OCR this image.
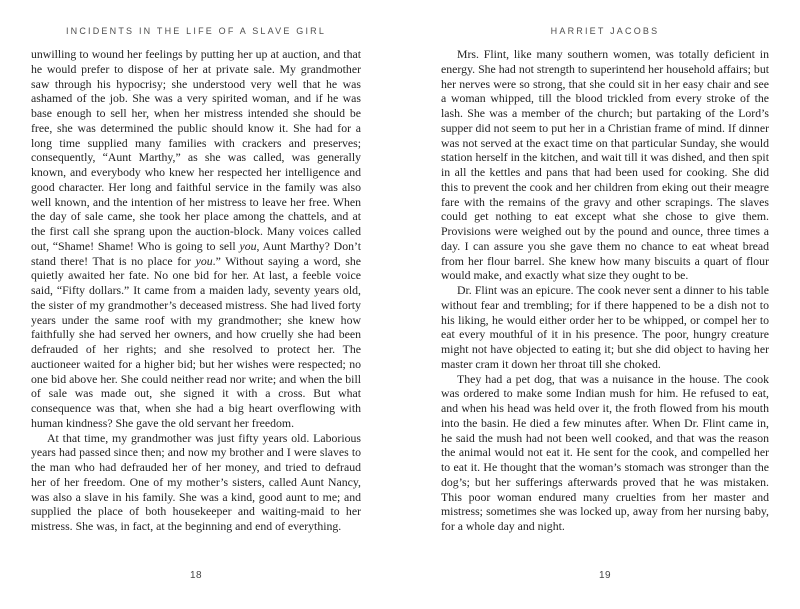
INCIDENTS IN THE LIFE OF A SLAVE GIRL

unwilling to wound her feelings by putting her up at auction, and that he would prefer to dispose of her at private sale. My grandmother saw through his hypocrisy; she understood very well that he was ashamed of the job. She was a very spirited woman, and if he was base enough to sell her, when her mistress intended she should be free, she was determined the public should know it. She had for a long time supplied many families with crackers and preserves; consequently, “Aunt Marthy,” as she was called, was generally known, and everybody who knew her respected her intelligence and good character. Her long and faithful service in the family was also well known, and the intention of her mistress to leave her free. When the day of sale came, she took her place among the chattels, and at the first call she sprang upon the auction-block. Many voices called out, “Shame! Shame! Who is going to sell you, Aunt Marthy? Don’t stand there! That is no place for you.” Without saying a word, she quietly awaited her fate. No one bid for her. At last, a feeble voice said, “Fifty dollars.” It came from a maiden lady, seventy years old, the sister of my grandmother’s deceased mistress. She had lived forty years under the same roof with my grandmother; she knew how faithfully she had served her owners, and how cruelly she had been defrauded of her rights; and she resolved to protect her. The auctioneer waited for a higher bid; but her wishes were respected; no one bid above her. She could neither read nor write; and when the bill of sale was made out, she signed it with a cross. But what consequence was that, when she had a big heart overflowing with human kindness? She gave the old servant her freedom.

At that time, my grandmother was just fifty years old. Laborious years had passed since then; and now my brother and I were slaves to the man who had defrauded her of her money, and tried to defraud her of her freedom. One of my mother’s sisters, called Aunt Nancy, was also a slave in his family. She was a kind, good aunt to me; and supplied the place of both housekeeper and waiting-maid to her mistress. She was, in fact, at the beginning and end of everything.

18
HARRIET JACOBS

Mrs. Flint, like many southern women, was totally deficient in energy. She had not strength to superintend her household affairs; but her nerves were so strong, that she could sit in her easy chair and see a woman whipped, till the blood trickled from every stroke of the lash. She was a member of the church; but partaking of the Lord’s supper did not seem to put her in a Christian frame of mind. If dinner was not served at the exact time on that particular Sunday, she would station herself in the kitchen, and wait till it was dished, and then spit in all the kettles and pans that had been used for cooking. She did this to prevent the cook and her children from eking out their meagre fare with the remains of the gravy and other scrapings. The slaves could get nothing to eat except what she chose to give them. Provisions were weighed out by the pound and ounce, three times a day. I can assure you she gave them no chance to eat wheat bread from her flour barrel. She knew how many biscuits a quart of flour would make, and exactly what size they ought to be.

Dr. Flint was an epicure. The cook never sent a dinner to his table without fear and trembling; for if there happened to be a dish not to his liking, he would either order her to be whipped, or compel her to eat every mouthful of it in his presence. The poor, hungry creature might not have objected to eating it; but she did object to having her master cram it down her throat till she choked.

They had a pet dog, that was a nuisance in the house. The cook was ordered to make some Indian mush for him. He refused to eat, and when his head was held over it, the froth flowed from his mouth into the basin. He died a few minutes after. When Dr. Flint came in, he said the mush had not been well cooked, and that was the reason the animal would not eat it. He sent for the cook, and compelled her to eat it. He thought that the woman’s stomach was stronger than the dog’s; but her sufferings afterwards proved that he was mistaken. This poor woman endured many cruelties from her master and mistress; sometimes she was locked up, away from her nursing baby, for a whole day and night.

19
